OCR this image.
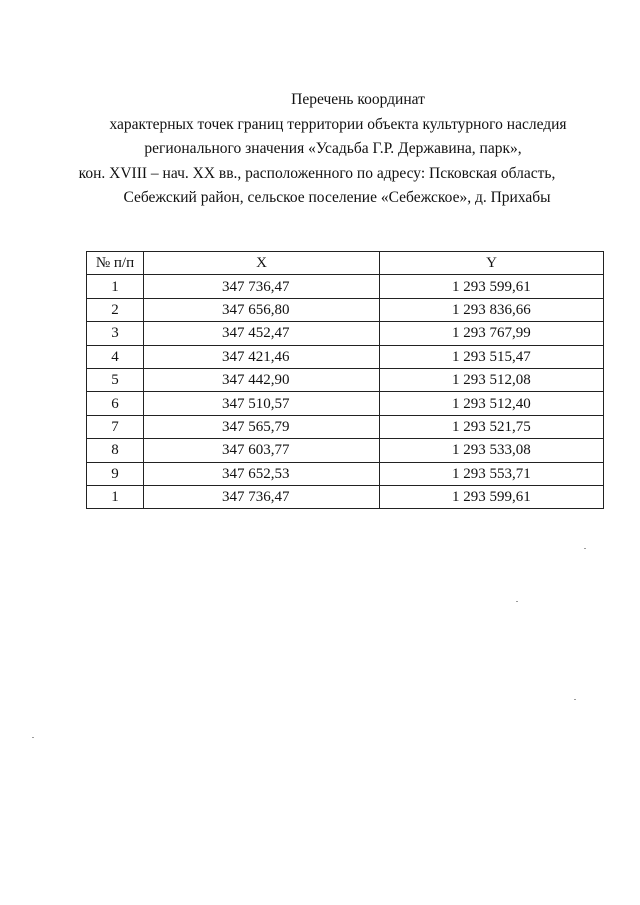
Перечень координат
характерных точек границ территории объекта культурного наследия
регионального значения «Усадьба Г.Р. Державина, парк»,
кон. XVIII – нач. XX вв., расположенного по адресу: Псковская область,
Себежский район, сельское поселение «Себежское», д. Прихабы
№ п/п	X	Y
1	347 736,47	1 293 599,61
2	347 656,80	1 293 836,66
3	347 452,47	1 293 767,99
4	347 421,46	1 293 515,47
5	347 442,90	1 293 512,08
6	347 510,57	1 293 512,40
7	347 565,79	1 293 521,75
8	347 603,77	1 293 533,08
9	347 652,53	1 293 553,71
1	347 736,47	1 293 599,61
